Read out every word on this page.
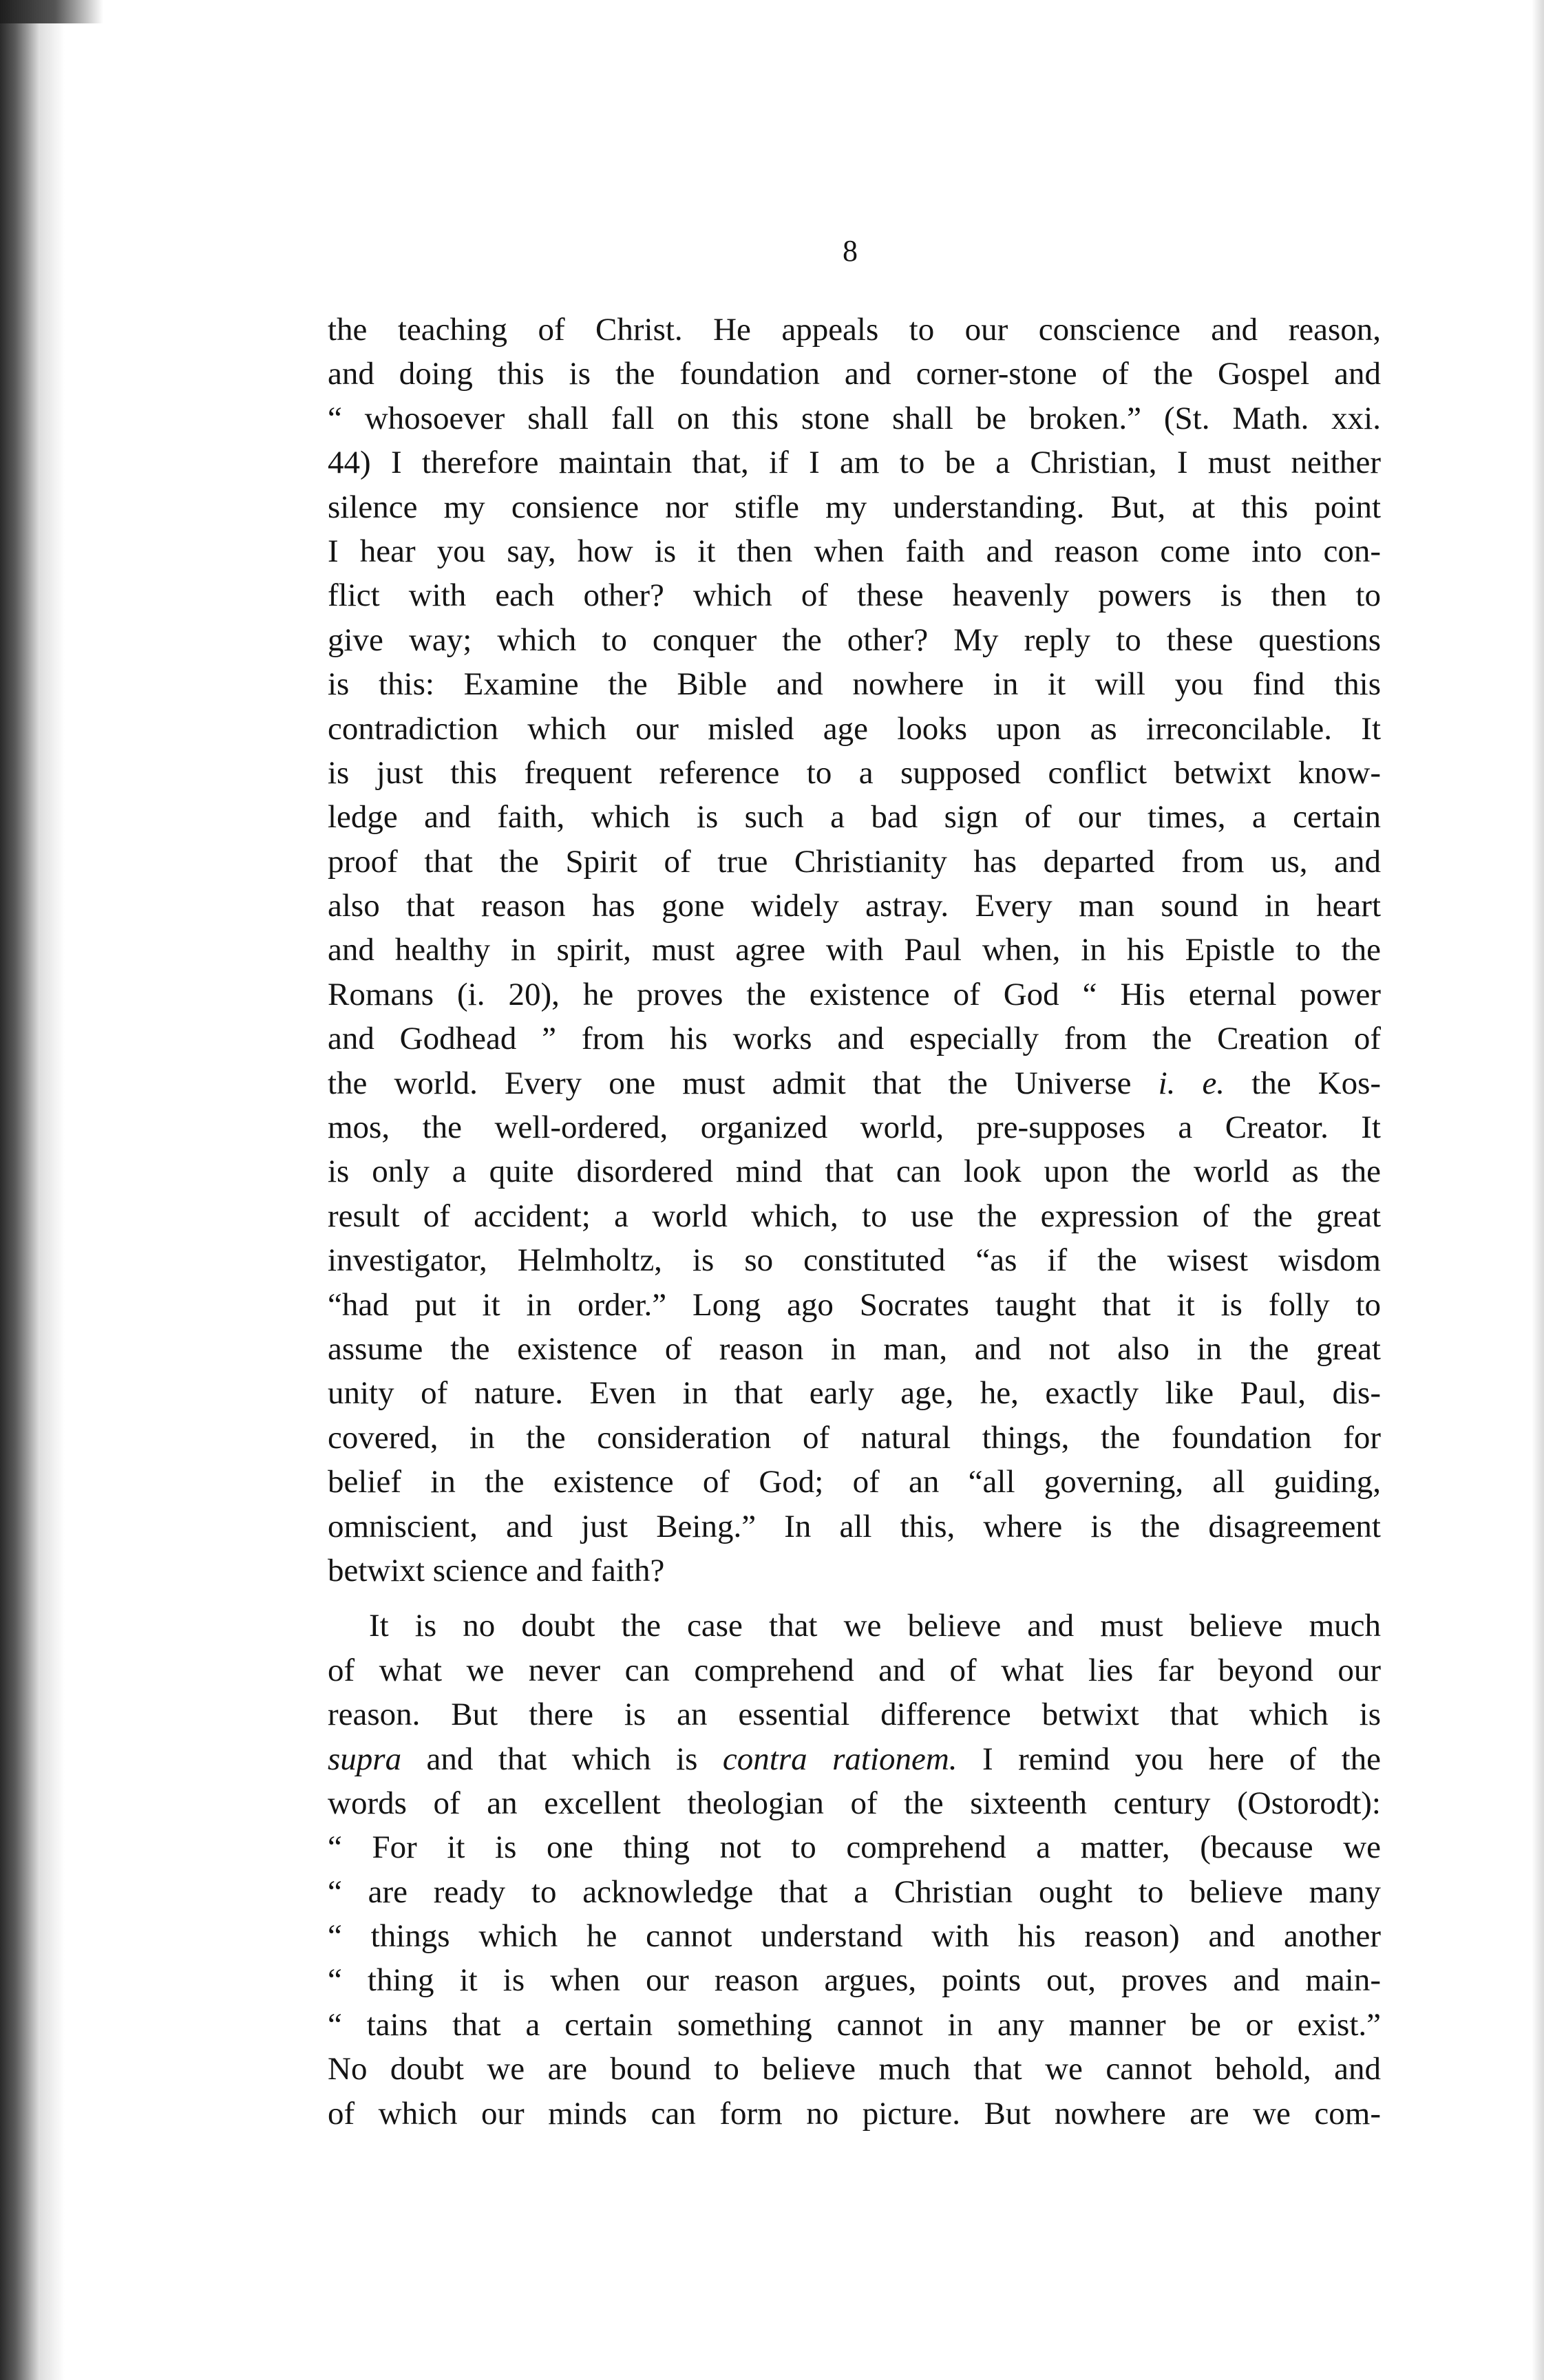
8
the teaching of Christ. He appeals to our conscience and reason,
and doing this is the foundation and corner-stone of the Gospel and
“ whosoever shall fall on this stone shall be broken.” (St. Math. xxi.
44) I therefore maintain that, if I am to be a Christian, I must neither
silence my consience nor stifle my understanding. But, at this point
I hear you say, how is it then when faith and reason come into con-
flict with each other? which of these heavenly powers is then to
give way; which to conquer the other? My reply to these questions
is this: Examine the Bible and nowhere in it will you find this
contradiction which our misled age looks upon as irreconcilable. It
is just this frequent reference to a supposed conflict betwixt know-
ledge and faith, which is such a bad sign of our times, a certain
proof that the Spirit of true Christianity has departed from us, and
also that reason has gone widely astray. Every man sound in heart
and healthy in spirit, must agree with Paul when, in his Epistle to the
Romans (i. 20), he proves the existence of God “ His eternal power
and Godhead ” from his works and especially from the Creation of
the world. Every one must admit that the Universe i. e. the Kos-
mos, the well-ordered, organized world, pre-supposes a Creator. It
is only a quite disordered mind that can look upon the world as the
result of accident; a world which, to use the expression of the great
investigator, Helmholtz, is so constituted “as if the wisest wisdom
“had put it in order.” Long ago Socrates taught that it is folly to
assume the existence of reason in man, and not also in the great
unity of nature. Even in that early age, he, exactly like Paul, dis-
covered, in the consideration of natural things, the foundation for
belief in the existence of God; of an “all governing, all guiding,
omniscient, and just Being.” In all this, where is the disagreement
betwixt science and faith?
It is no doubt the case that we believe and must believe much
of what we never can comprehend and of what lies far beyond our
reason. But there is an essential difference betwixt that which is
supra and that which is contra rationem. I remind you here of the
words of an excellent theologian of the sixteenth century (Ostorodt):
“ For it is one thing not to comprehend a matter, (because we
“ are ready to acknowledge that a Christian ought to believe many
“ things which he cannot understand with his reason) and another
“ thing it is when our reason argues, points out, proves and main-
“ tains that a certain something cannot in any manner be or exist.”
No doubt we are bound to believe much that we cannot behold, and
of which our minds can form no picture. But nowhere are we com-
